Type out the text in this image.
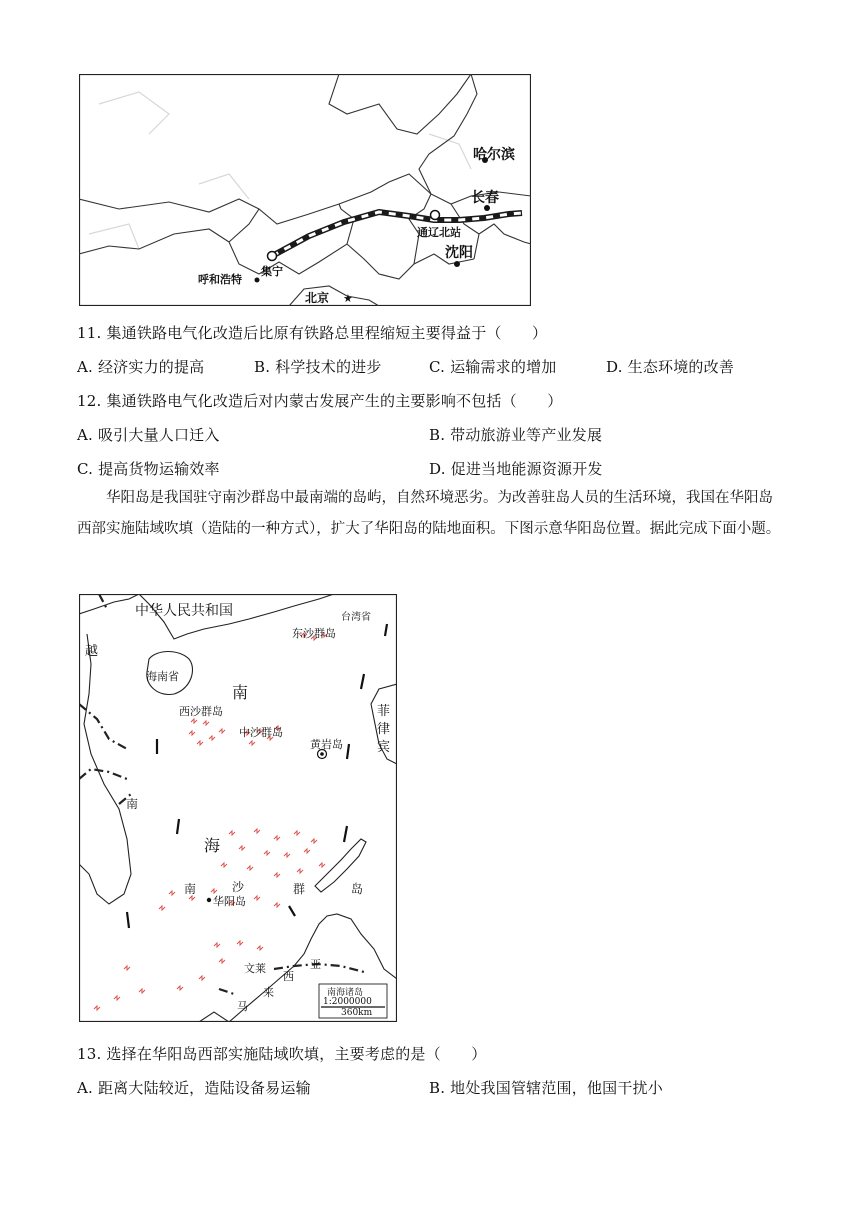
★
哈尔滨
长春
通辽北站
沈阳
呼和浩特
集宁
北京
11. 集通铁路电气化改造后比原有铁路总里程缩短主要得益于（　　）
A. 经济实力的提高	B. 科学技术的进步	C. 运输需求的增加	D. 生态环境的改善
12. 集通铁路电气化改造后对内蒙古发展产生的主要影响不包括（　　）
A. 吸引大量人口迁入	B. 带动旅游业等产业发展
C. 提高货物运输效率	D. 促进当地能源资源开发
华阳岛是我国驻守南沙群岛中最南端的岛屿，自然环境恶劣。为改善驻岛人员的生活环境，我国在华阳岛西部实施陆域吹填（造陆的一种方式），扩大了华阳岛的陆地面积。下图示意华阳岛位置。据此完成下面小题。
中华人民共和国	台湾省
东沙群岛
越
海南省
南
西沙群岛
中沙群岛
黄岩岛
菲
律
宾
南
海
南	沙	群	岛
华阳岛
文莱
西
亚
来
马
南海诸岛
1:2000000
360km
13. 选择在华阳岛西部实施陆域吹填，主要考虑的是（　　）
A. 距离大陆较近，造陆设备易运输	B. 地处我国管辖范围，他国干扰小
